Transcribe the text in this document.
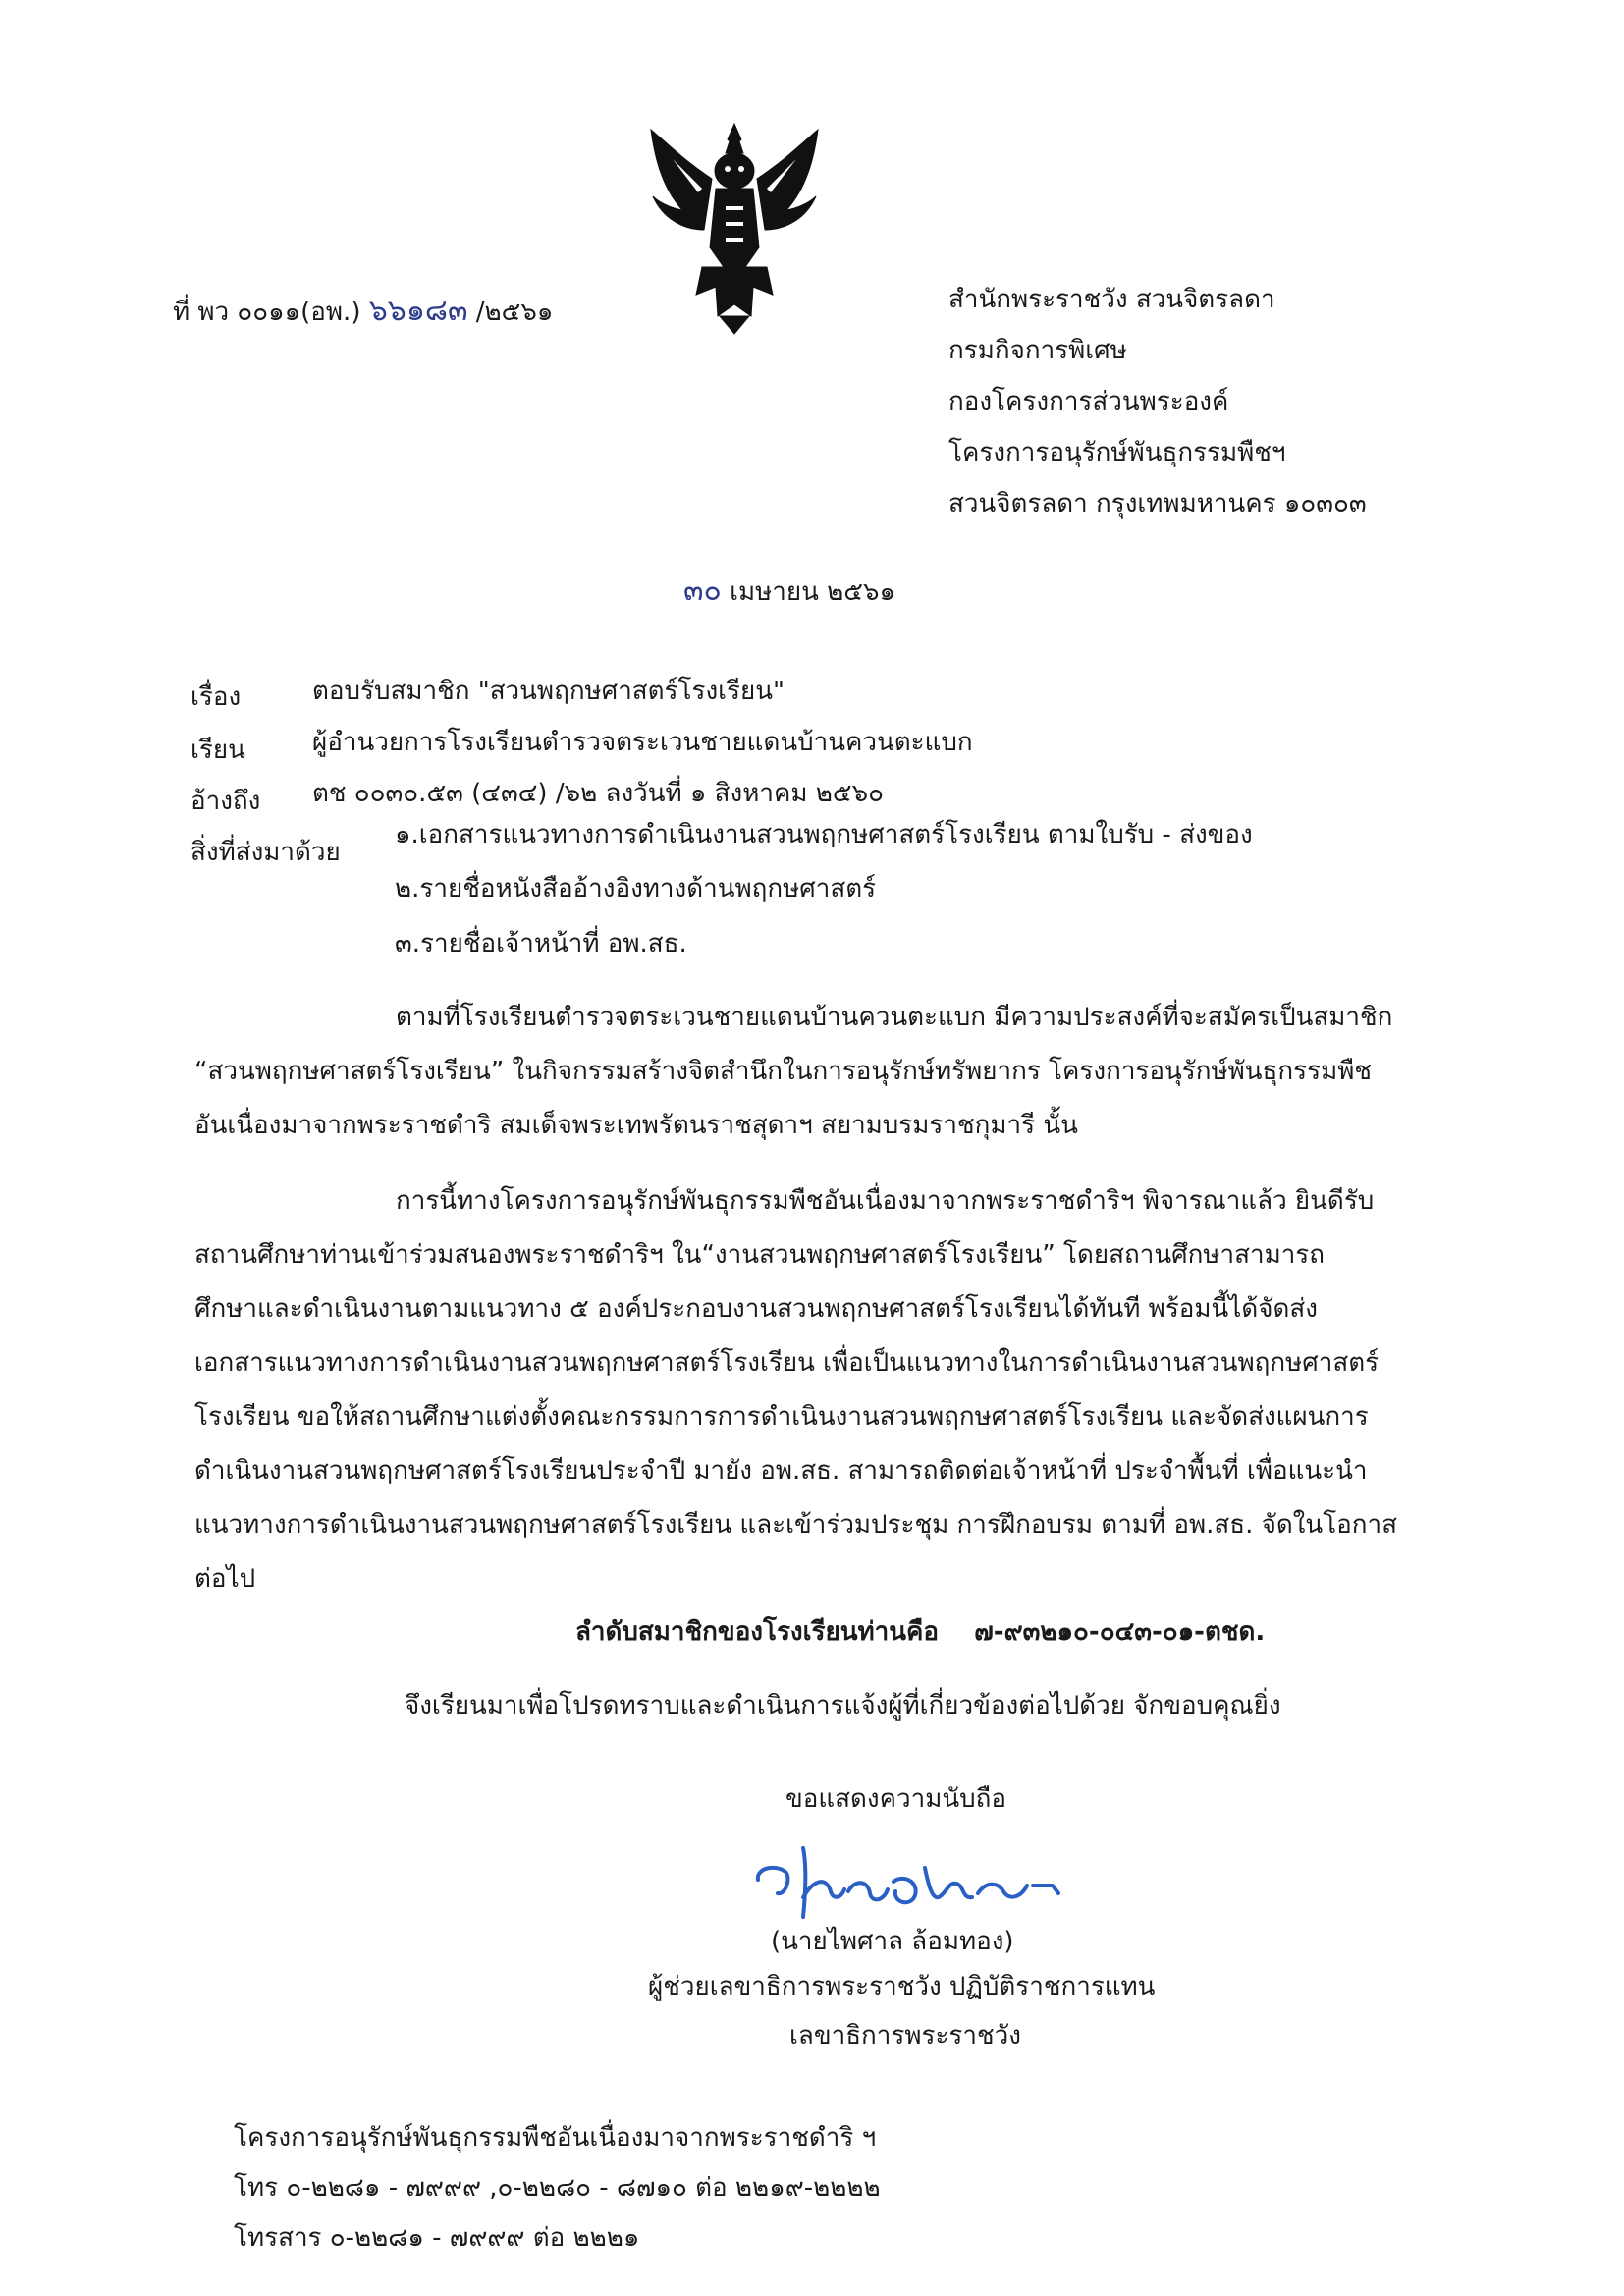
ที่ พว ๐๐๑๑(อพ.) ๖๖๑๘๓ /๒๕๖๑	สำนักพระราชวัง สวนจิตรลดา
กรมกิจการพิเศษ
กองโครงการส่วนพระองค์
โครงการอนุรักษ์พันธุกรรมพืชฯ
สวนจิตรลดา กรุงเทพมหานคร ๑๐๓๐๓
๓๐ เมษายน ๒๕๖๑
เรื่อง	ตอบรับสมาชิก "สวนพฤกษศาสตร์โรงเรียน"
เรียน	ผู้อำนวยการโรงเรียนตำรวจตระเวนชายแดนบ้านควนตะแบก
อ้างถึง ตช ๐๐๓๐.๕๓ (๔๓๔) /๖๒ ลงวันที่ ๑ สิงหาคม ๒๕๖๐
สิ่งที่ส่งมาด้วย
๑.เอกสารแนวทางการดำเนินงานสวนพฤกษศาสตร์โรงเรียน ตามใบรับ - ส่งของ
๒.รายชื่อหนังสืออ้างอิงทางด้านพฤกษศาสตร์
๓.รายชื่อเจ้าหน้าที่ อพ.สธ.
ตามที่โรงเรียนตำรวจตระเวนชายแดนบ้านควนตะแบก มีความประสงค์ที่จะสมัครเป็นสมาชิก
“สวนพฤกษศาสตร์โรงเรียน” ในกิจกรรมสร้างจิตสำนึกในการอนุรักษ์ทรัพยากร โครงการอนุรักษ์พันธุกรรมพืช
อันเนื่องมาจากพระราชดำริ สมเด็จพระเทพรัตนราชสุดาฯ สยามบรมราชกุมารี นั้น
การนี้ทางโครงการอนุรักษ์พันธุกรรมพืชอันเนื่องมาจากพระราชดำริฯ พิจารณาแล้ว ยินดีรับ
สถานศึกษาท่านเข้าร่วมสนองพระราชดำริฯ ใน“งานสวนพฤกษศาสตร์โรงเรียน” โดยสถานศึกษาสามารถ
ศึกษาและดำเนินงานตามแนวทาง ๕ องค์ประกอบงานสวนพฤกษศาสตร์โรงเรียนได้ทันที พร้อมนี้ได้จัดส่ง
เอกสารแนวทางการดำเนินงานสวนพฤกษศาสตร์โรงเรียน เพื่อเป็นแนวทางในการดำเนินงานสวนพฤกษศาสตร์
โรงเรียน ขอให้สถานศึกษาแต่งตั้งคณะกรรมการการดำเนินงานสวนพฤกษศาสตร์โรงเรียน และจัดส่งแผนการ
ดำเนินงานสวนพฤกษศาสตร์โรงเรียนประจำปี มายัง อพ.สธ. สามารถติดต่อเจ้าหน้าที่ ประจำพื้นที่ เพื่อแนะนำ
แนวทางการดำเนินงานสวนพฤกษศาสตร์โรงเรียน และเข้าร่วมประชุม การฝึกอบรม ตามที่ อพ.สธ. จัดในโอกาส
ต่อไป
ลำดับสมาชิกของโรงเรียนท่านคือ ๗-๙๓๒๑๐-๐๔๓-๐๑-ตชด.
จึงเรียนมาเพื่อโปรดทราบและดำเนินการแจ้งผู้ที่เกี่ยวข้องต่อไปด้วย จักขอบคุณยิ่ง
ขอแสดงความนับถือ
(นายไพศาล ล้อมทอง)
ผู้ช่วยเลขาธิการพระราชวัง ปฏิบัติราชการแทน
เลขาธิการพระราชวัง
โครงการอนุรักษ์พันธุกรรมพืชอันเนื่องมาจากพระราชดำริ ฯ
โทร ๐-๒๒๘๑ - ๗๙๙๙ ,๐-๒๒๘๐ - ๘๗๑๐ ต่อ ๒๒๑๙-๒๒๒๒
โทรสาร ๐-๒๒๘๑ - ๗๙๙๙ ต่อ ๒๒๒๑
